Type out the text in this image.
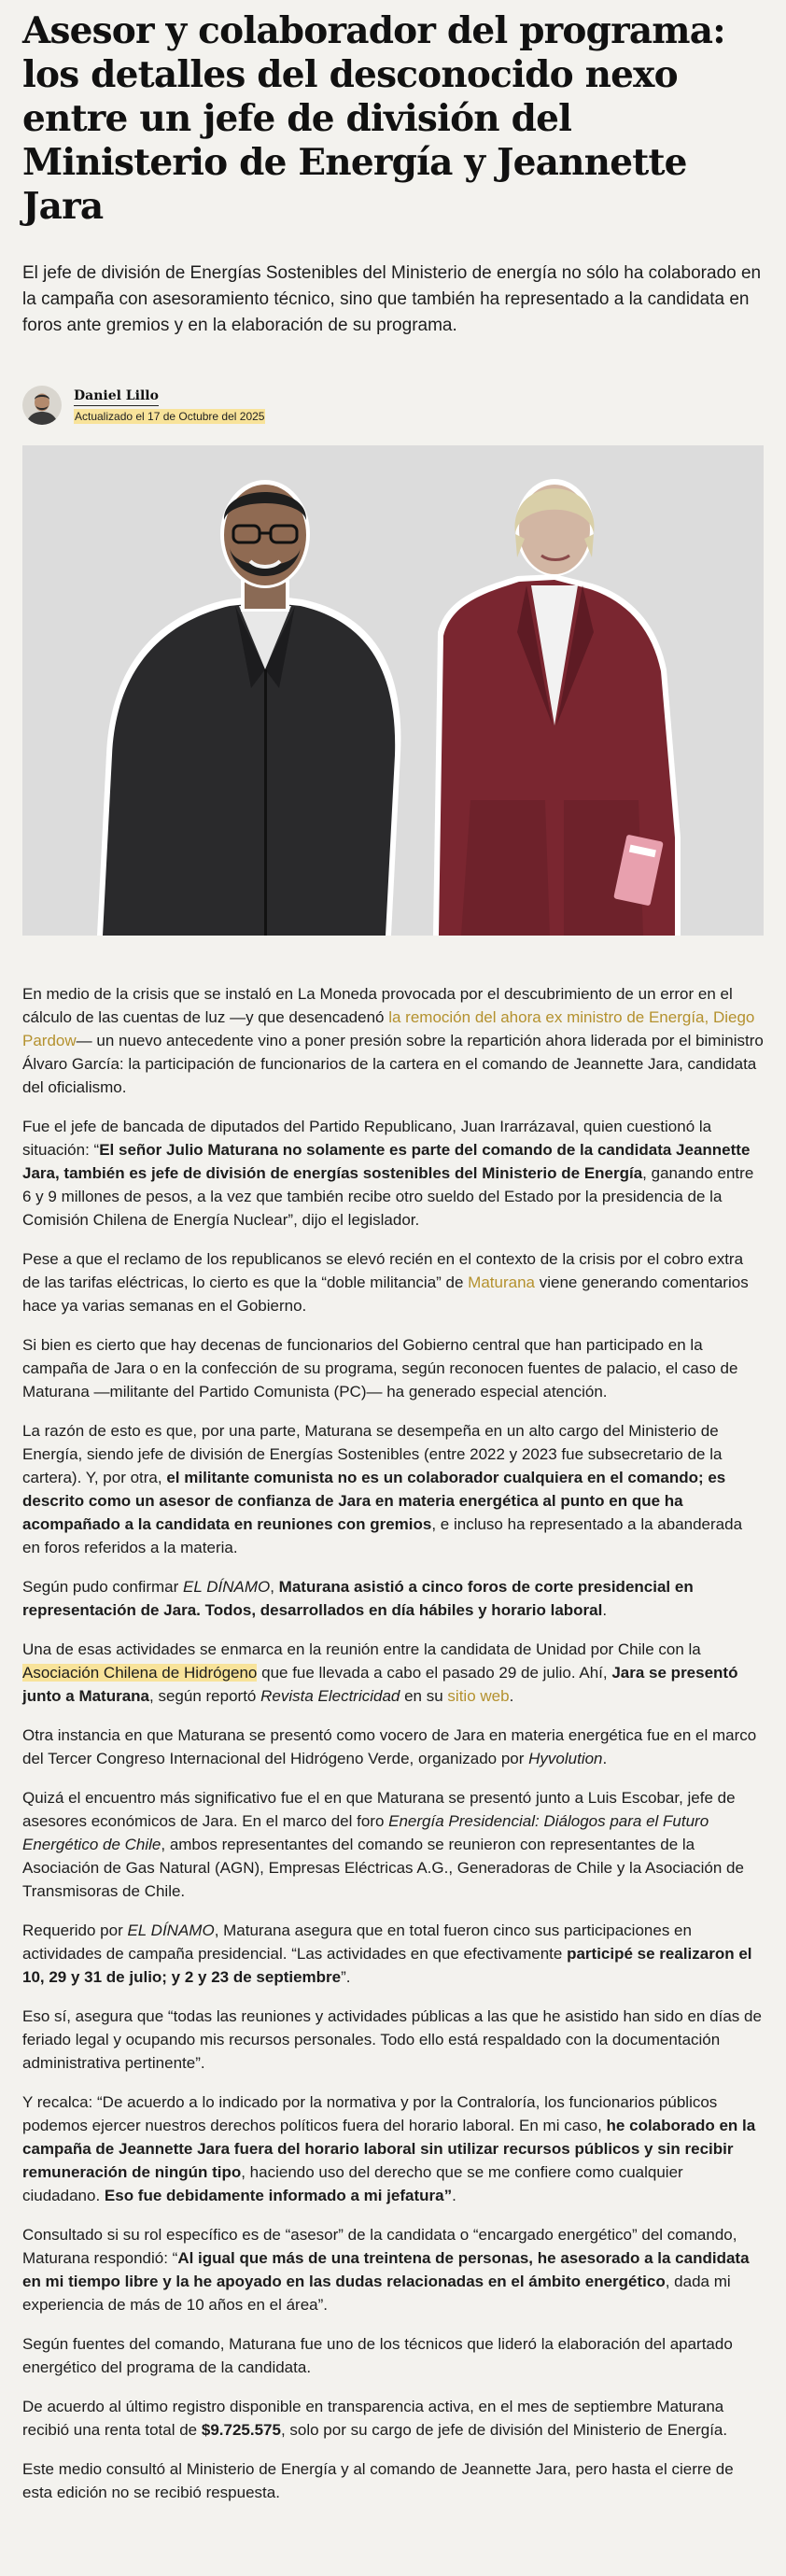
Asesor y colaborador del programa: los detalles del desconocido nexo entre un jefe de división del Ministerio de Energía y Jeannette Jara

El jefe de división de Energías Sostenibles del Ministerio de energía no sólo ha colaborado en la campaña con asesoramiento técnico, sino que también ha representado a la candidata en foros ante gremios y en la elaboración de su programa.

Daniel Lillo
Actualizado el 17 de Octubre del 2025

En medio de la crisis que se instaló en La Moneda provocada por el descubrimiento de un error en el cálculo de las cuentas de luz —y que desencadenó la remoción del ahora ex ministro de Energía, Diego Pardow— un nuevo antecedente vino a poner presión sobre la repartición ahora liderada por el biministro Álvaro García: la participación de funcionarios de la cartera en el comando de Jeannette Jara, candidata del oficialismo.

Fue el jefe de bancada de diputados del Partido Republicano, Juan Irarrázaval, quien cuestionó la situación: “El señor Julio Maturana no solamente es parte del comando de la candidata Jeannette Jara, también es jefe de división de energías sostenibles del Ministerio de Energía, ganando entre 6 y 9 millones de pesos, a la vez que también recibe otro sueldo del Estado por la presidencia de la Comisión Chilena de Energía Nuclear”, dijo el legislador.

Pese a que el reclamo de los republicanos se elevó recién en el contexto de la crisis por el cobro extra de las tarifas eléctricas, lo cierto es que la “doble militancia” de Maturana viene generando comentarios hace ya varias semanas en el Gobierno.

Si bien es cierto que hay decenas de funcionarios del Gobierno central que han participado en la campaña de Jara o en la confección de su programa, según reconocen fuentes de palacio, el caso de Maturana —militante del Partido Comunista (PC)— ha generado especial atención.

La razón de esto es que, por una parte, Maturana se desempeña en un alto cargo del Ministerio de Energía, siendo jefe de división de Energías Sostenibles (entre 2022 y 2023 fue subsecretario de la cartera). Y, por otra, el militante comunista no es un colaborador cualquiera en el comando; es descrito como un asesor de confianza de Jara en materia energética al punto en que ha acompañado a la candidata en reuniones con gremios, e incluso ha representado a la abanderada en foros referidos a la materia.

Según pudo confirmar EL DÍNAMO, Maturana asistió a cinco foros de corte presidencial en representación de Jara. Todos, desarrollados en día hábiles y horario laboral.

Una de esas actividades se enmarca en la reunión entre la candidata de Unidad por Chile con la Asociación Chilena de Hidrógeno que fue llevada a cabo el pasado 29 de julio. Ahí, Jara se presentó junto a Maturana, según reportó Revista Electricidad en su sitio web.

Otra instancia en que Maturana se presentó como vocero de Jara en materia energética fue en el marco del Tercer Congreso Internacional del Hidrógeno Verde, organizado por Hyvolution.

Quizá el encuentro más significativo fue el en que Maturana se presentó junto a Luis Escobar, jefe de asesores económicos de Jara. En el marco del foro Energía Presidencial: Diálogos para el Futuro Energético de Chile, ambos representantes del comando se reunieron con representantes de la Asociación de Gas Natural (AGN), Empresas Eléctricas A.G., Generadoras de Chile y la Asociación de Transmisoras de Chile.

Requerido por EL DÍNAMO, Maturana asegura que en total fueron cinco sus participaciones en actividades de campaña presidencial. “Las actividades en que efectivamente participé se realizaron el 10, 29 y 31 de julio; y 2 y 23 de septiembre”.

Eso sí, asegura que “todas las reuniones y actividades públicas a las que he asistido han sido en días de feriado legal y ocupando mis recursos personales. Todo ello está respaldado con la documentación administrativa pertinente”.

Y recalca: “De acuerdo a lo indicado por la normativa y por la Contraloría, los funcionarios públicos podemos ejercer nuestros derechos políticos fuera del horario laboral. En mi caso, he colaborado en la campaña de Jeannette Jara fuera del horario laboral sin utilizar recursos públicos y sin recibir remuneración de ningún tipo, haciendo uso del derecho que se me confiere como cualquier ciudadano. Eso fue debidamente informado a mi jefatura”.

Consultado si su rol específico es de “asesor” de la candidata o “encargado energético” del comando, Maturana respondió: “Al igual que más de una treintena de personas, he asesorado a la candidata en mi tiempo libre y la he apoyado en las dudas relacionadas en el ámbito energético, dada mi experiencia de más de 10 años en el área”.

Según fuentes del comando, Maturana fue uno de los técnicos que lideró la elaboración del apartado energético del programa de la candidata.

De acuerdo al último registro disponible en transparencia activa, en el mes de septiembre Maturana recibió una renta total de $9.725.575, solo por su cargo de jefe de división del Ministerio de Energía.

Este medio consultó al Ministerio de Energía y al comando de Jeannette Jara, pero hasta el cierre de esta edición no se recibió respuesta.
